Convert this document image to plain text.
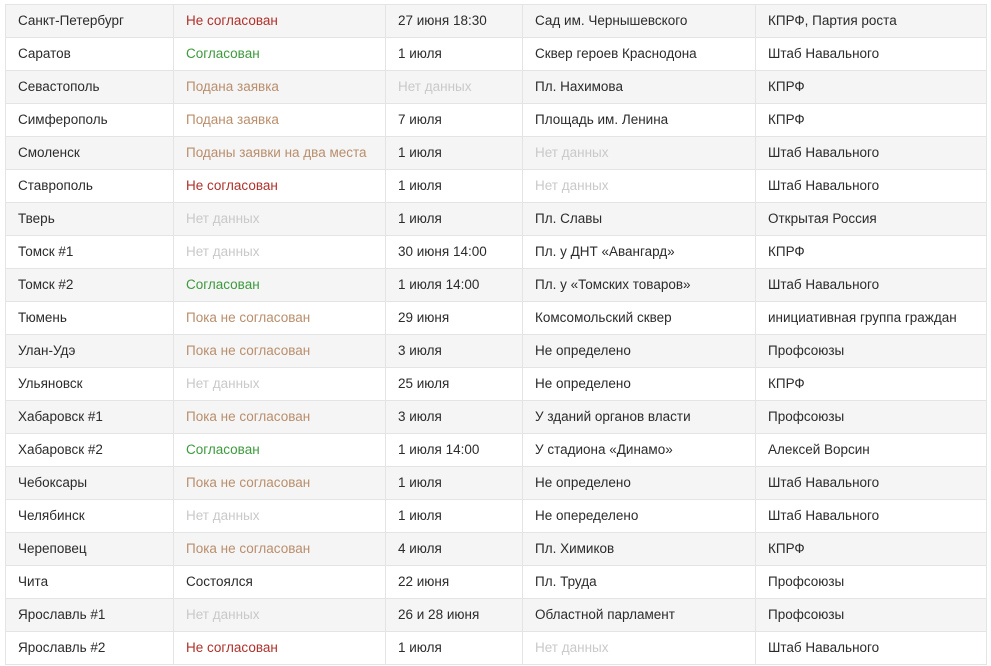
Санкт-Петербург	Не согласован	27 июня 18:30	Сад им. Чернышевского	КПРФ, Партия роста
Саратов	Согласован	1 июля	Сквер героев Краснодона	Штаб Навального
Севастополь	Подана заявка	Нет данных	Пл. Нахимова	КПРФ
Симферополь	Подана заявка	7 июля	Площадь им. Ленина	КПРФ
Смоленск	Поданы заявки на два места	1 июля	Нет данных	Штаб Навального
Ставрополь	Не согласован	1 июля	Нет данных	Штаб Навального
Тверь	Нет данных	1 июля	Пл. Славы	Открытая Россия
Томск #1	Нет данных	30 июня 14:00	Пл. у ДНТ «Авангард»	КПРФ
Томск #2	Согласован	1 июля 14:00	Пл. у «Томских товаров»	Штаб Навального
Тюмень	Пока не согласован	29 июня	Комсомольский сквер	инициативная группа граждан
Улан-Удэ	Пока не согласован	3 июля	Не определено	Профсоюзы
Ульяновск	Нет данных	25 июля	Не определено	КПРФ
Хабаровск #1	Пока не согласован	3 июля	У зданий органов власти	Профсоюзы
Хабаровск #2	Согласован	1 июля 14:00	У стадиона «Динамо»	Алексей Ворсин
Чебоксары	Пока не согласован	1 июля	Не определено	Штаб Навального
Челябинск	Нет данных	1 июля	Не опеределено	Штаб Навального
Череповец	Пока не согласован	4 июля	Пл. Химиков	КПРФ
Чита	Состоялся	22 июня	Пл. Труда	Профсоюзы
Ярославль #1	Нет данных	26 и 28 июня	Областной парламент	Профсоюзы
Ярославль #2	Не согласован	1 июля	Нет данных	Штаб Навального
